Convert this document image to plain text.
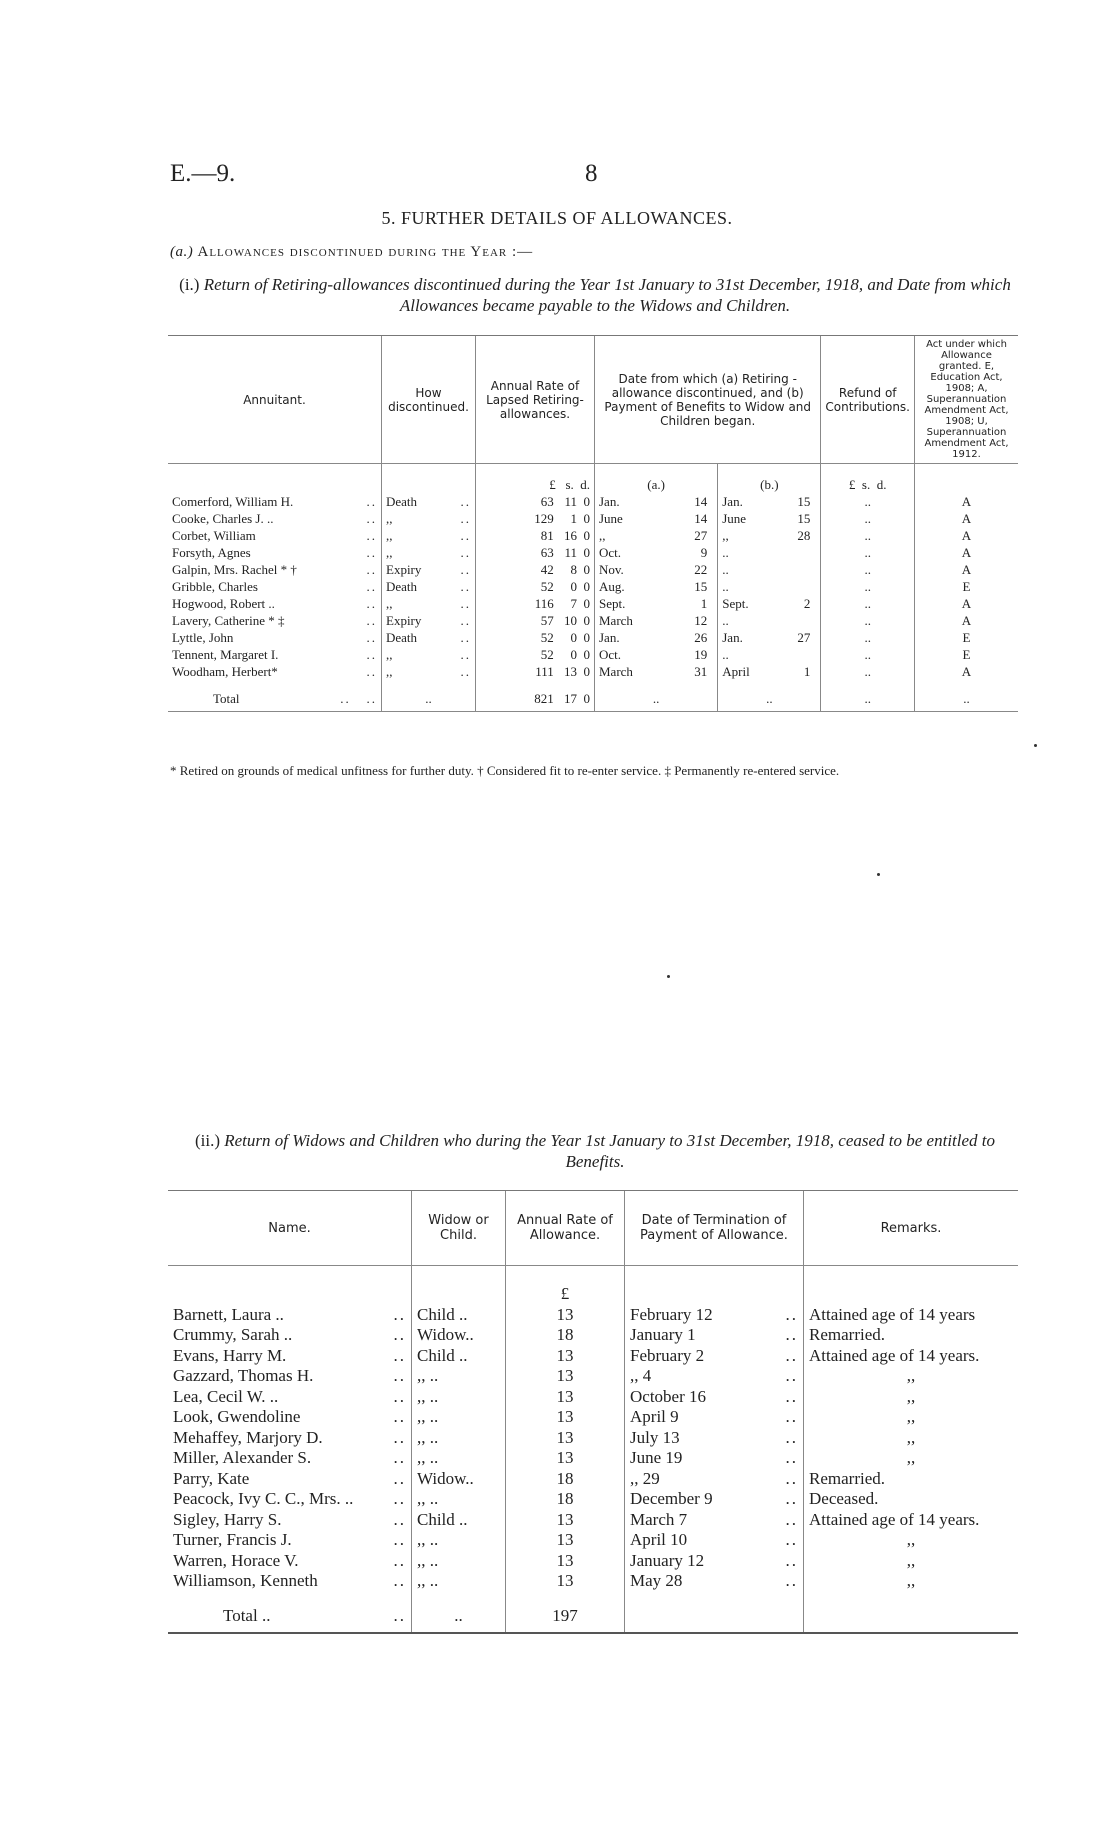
E.—9.	8
5. FURTHER DETAILS OF ALLOWANCES.
(a.) Allowances discontinued during the Year :—
(i.) Return of Retiring-allowances discontinued during the Year 1st January to 31st December, 1918, and Date from which Allowances became payable to the Widows and Children.
Annuitant.	How discontinued.	Annual Rate of Lapsed Retiring-allowances.	Date from which (a) Retiring - allowance discontinued, and (b) Payment of Benefits to Widow and Children began.		Refund of Contributions.	Act under which Allowance granted. E, Education Act, 1908; A, Superannuation Amendment Act, 1908; U, Superannuation Amendment Act, 1912.
		£ s. d.	(a.)	(b.)	£ s. d.	
Comerford, William H. ..	Death ..	63 11 0	Jan. 14	Jan. 15	..	A
Cooke, Charles J. .. ..	,, ..	129 1 0	June 14	June 15	..	A
Corbet, William ..	,, ..	81 16 0	,, 27	,, 28	..	A
Forsyth, Agnes ..	,, ..	63 11 0	Oct. 9	..	..	A
Galpin, Mrs. Rachel * † ..	Expiry ..	42 8 0	Nov. 22	..	..	A
Gribble, Charles ..	Death ..	52 0 0	Aug. 15	..	..	E
Hogwood, Robert .. ..	,, ..	116 7 0	Sept. 1	Sept. 2	..	A
Lavery, Catherine * ‡ ..	Expiry ..	57 10 0	March 12	..	..	A
Lyttle, John ..	Death ..	52 0 0	Jan. 26	Jan. 27	..	E
Tennent, Margaret I. ..	,, ..	52 0 0	Oct. 19	..	..	E
Woodham, Herbert* ..	,, ..	111 13 0	March 31	April 1	..	A
Total ..   ..	..	821 17 0	..	..	..	..
* Retired on grounds of medical unfitness for further duty. † Considered fit to re-enter service. ‡ Permanently re-entered service.
(ii.) Return of Widows and Children who during the Year 1st January to 31st December, 1918, ceased to be entitled to Benefits.
Name.	Widow or Child.	Annual Rate of Allowance.	Date of Termination of Payment of Allowance.	Remarks.
		£		
Barnett, Laura .. ..	Child ..	13	February 12 ..	Attained age of 14 years
Crummy, Sarah .. ..	Widow..	18	January 1 ..	Remarried.
Evans, Harry M. ..	Child ..	13	February 2 ..	Attained age of 14 years.
Gazzard, Thomas H. ..	,, ..	13	,, 4 ..	,,
Lea, Cecil W. .. ..	,, ..	13	October 16 ..	,,
Look, Gwendoline ..	,, ..	13	April 9 ..	,,
Mehaffey, Marjory D. ..	,, ..	13	July 13 ..	,,
Miller, Alexander S. ..	,, ..	13	June 19 ..	,,
Parry, Kate ..	Widow..	18	,, 29 ..	Remarried.
Peacock, Ivy C. C., Mrs. .. ..	,, ..	18	December 9 ..	Deceased.
Sigley, Harry S. ..	Child ..	13	March 7 ..	Attained age of 14 years.
Turner, Francis J. ..	,, ..	13	April 10 ..	,,
Warren, Horace V. ..	,, ..	13	January 12 ..	,,
Williamson, Kenneth ..	,, ..	13	May 28 ..	,,
Total .. ..	..	197		
